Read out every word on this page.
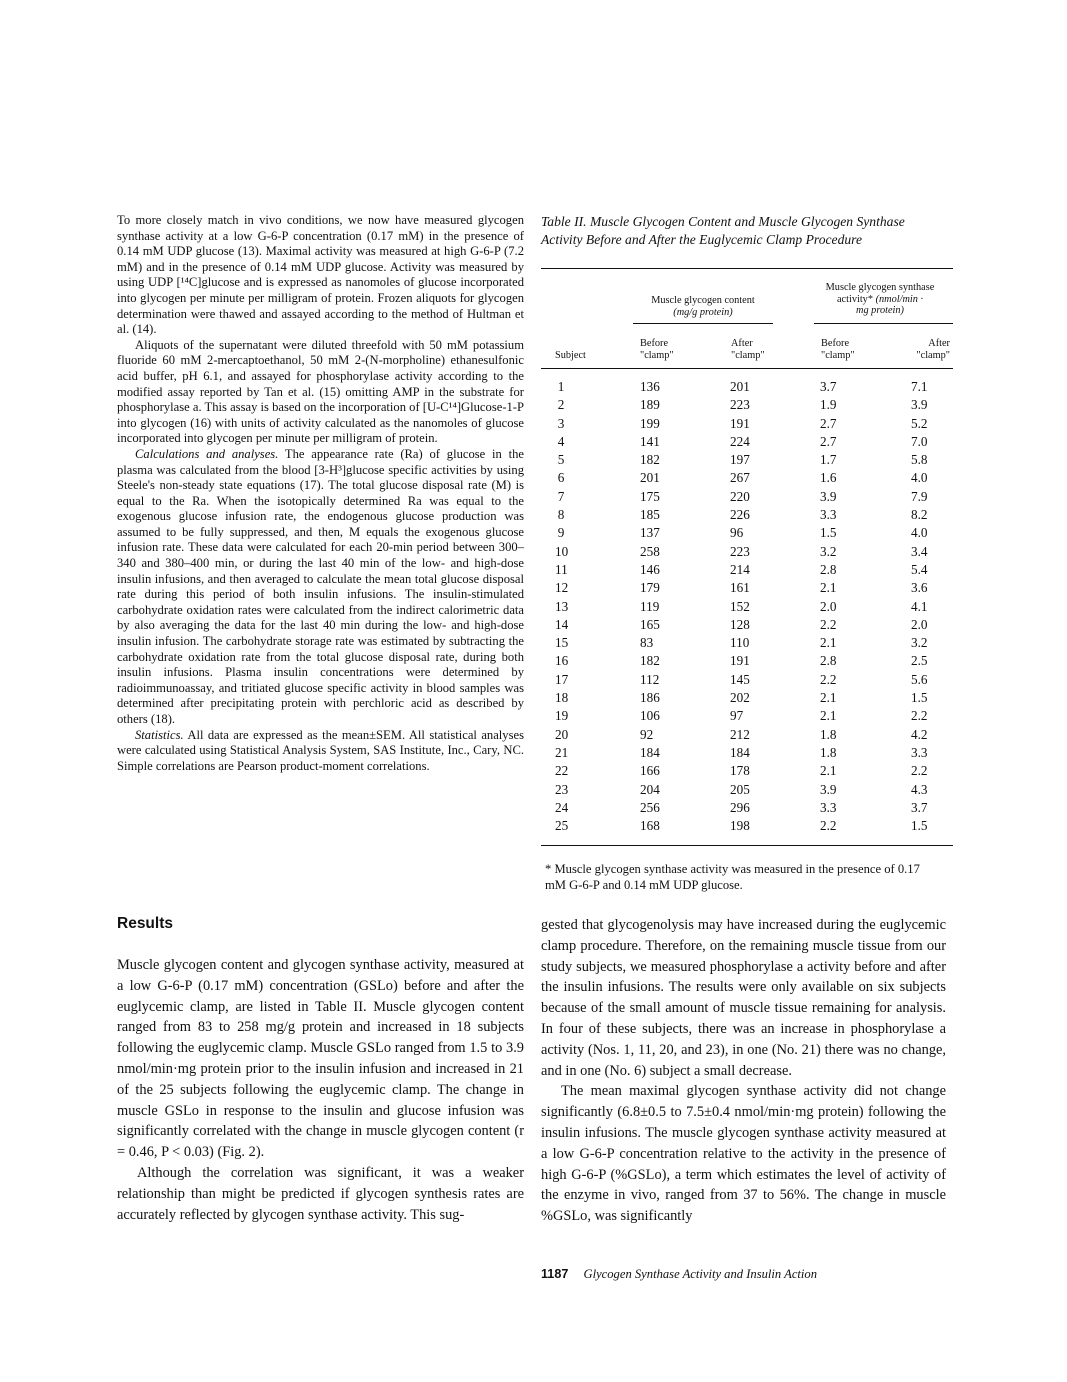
To more closely match in vivo conditions, we now have measured glycogen synthase activity at a low G-6-P concentration (0.17 mM) in the presence of 0.14 mM UDP glucose (13). Maximal activity was measured at high G-6-P (7.2 mM) and in the presence of 0.14 mM UDP glucose. Activity was measured by using UDP [¹⁴C]glucose and is expressed as nanomoles of glucose incorporated into glycogen per minute per milligram of protein. Frozen aliquots for glycogen determination were thawed and assayed according to the method of Hultman et al. (14).

Aliquots of the supernatant were diluted threefold with 50 mM potassium fluoride 60 mM 2-mercaptoethanol, 50 mM 2-(N-morpholine) ethanesulfonic acid buffer, pH 6.1, and assayed for phosphorylase activity according to the modified assay reported by Tan et al. (15) omitting AMP in the substrate for phosphorylase a. This assay is based on the incorporation of [U-C¹⁴]Glucose-1-P into glycogen (16) with units of activity calculated as the nanomoles of glucose incorporated into glycogen per minute per milligram of protein.

Calculations and analyses. The appearance rate (Ra) of glucose in the plasma was calculated from the blood [3-H³]glucose specific activities by using Steele's non-steady state equations (17). The total glucose disposal rate (M) is equal to the Ra. When the isotopically determined Ra was equal to the exogenous glucose infusion rate, the endogenous glucose production was assumed to be fully suppressed, and then, M equals the exogenous glucose infusion rate. These data were calculated for each 20-min period between 300–340 and 380–400 min, or during the last 40 min of the low- and high-dose insulin infusions, and then averaged to calculate the mean total glucose disposal rate during this period of both insulin infusions. The insulin-stimulated carbohydrate oxidation rates were calculated from the indirect calorimetric data by also averaging the data for the last 40 min during the low- and high-dose insulin infusion. The carbohydrate storage rate was estimated by subtracting the carbohydrate oxidation rate from the total glucose disposal rate, during both insulin infusions. Plasma insulin concentrations were determined by radioimmunoassay, and tritiated glucose specific activity in blood samples was determined after precipitating protein with perchloric acid as described by others (18).

Statistics. All data are expressed as the mean±SEM. All statistical analyses were calculated using Statistical Analysis System, SAS Institute, Inc., Cary, NC. Simple correlations are Pearson product-moment correlations.

Results

Muscle glycogen content and glycogen synthase activity, measured at a low G-6-P (0.17 mM) concentration (GSLo) before and after the euglycemic clamp, are listed in Table II. Muscle glycogen content ranged from 83 to 258 mg/g protein and increased in 18 subjects following the euglycemic clamp. Muscle GSLo ranged from 1.5 to 3.9 nmol/min·mg protein prior to the insulin infusion and increased in 21 of the 25 subjects following the euglycemic clamp. The change in muscle GSLo in response to the insulin and glucose infusion was significantly correlated with the change in muscle glycogen content (r = 0.46, P < 0.03) (Fig. 2).

Although the correlation was significant, it was a weaker relationship than might be predicted if glycogen synthesis rates are accurately reflected by glycogen synthase activity. This sug-

Table II. Muscle Glycogen Content and Muscle Glycogen Synthase Activity Before and After the Euglycemic Clamp Procedure
Muscle glycogen content
(mg/g protein)
Muscle glycogen synthase
activity* (nmol/min ·
mg protein)
Subject
Before
"clamp"
After
"clamp"
Before
"clamp"
After
"clamp"
1	136	201	3.7	7.1
2	189	223	1.9	3.9
3	199	191	2.7	5.2
4	141	224	2.7	7.0
5	182	197	1.7	5.8
6	201	267	1.6	4.0
7	175	220	3.9	7.9
8	185	226	3.3	8.2
9	137	96	1.5	4.0
10	258	223	3.2	3.4
11	146	214	2.8	5.4
12	179	161	2.1	3.6
13	119	152	2.0	4.1
14	165	128	2.2	2.0
15	83	110	2.1	3.2
16	182	191	2.8	2.5
17	112	145	2.2	5.6
18	186	202	2.1	1.5
19	106	97	2.1	2.2
20	92	212	1.8	4.2
21	184	184	1.8	3.3
22	166	178	2.1	2.2
23	204	205	3.9	4.3
24	256	296	3.3	3.7
25	168	198	2.2	1.5
* Muscle glycogen synthase activity was measured in the presence of 0.17 mM G-6-P and 0.14 mM UDP glucose.

gested that glycogenolysis may have increased during the euglycemic clamp procedure. Therefore, on the remaining muscle tissue from our study subjects, we measured phosphorylase a activity before and after the insulin infusions. The results were only available on six subjects because of the small amount of muscle tissue remaining for analysis. In four of these subjects, there was an increase in phosphorylase a activity (Nos. 1, 11, 20, and 23), in one (No. 21) there was no change, and in one (No. 6) subject a small decrease.

The mean maximal glycogen synthase activity did not change significantly (6.8±0.5 to 7.5±0.4 nmol/min·mg protein) following the insulin infusions. The muscle glycogen synthase activity measured at a low G-6-P concentration relative to the activity in the presence of high G-6-P (%GSLo), a term which estimates the level of activity of the enzyme in vivo, ranged from 37 to 56%. The change in muscle %GSLo, was significantly

1187 Glycogen Synthase Activity and Insulin Action
